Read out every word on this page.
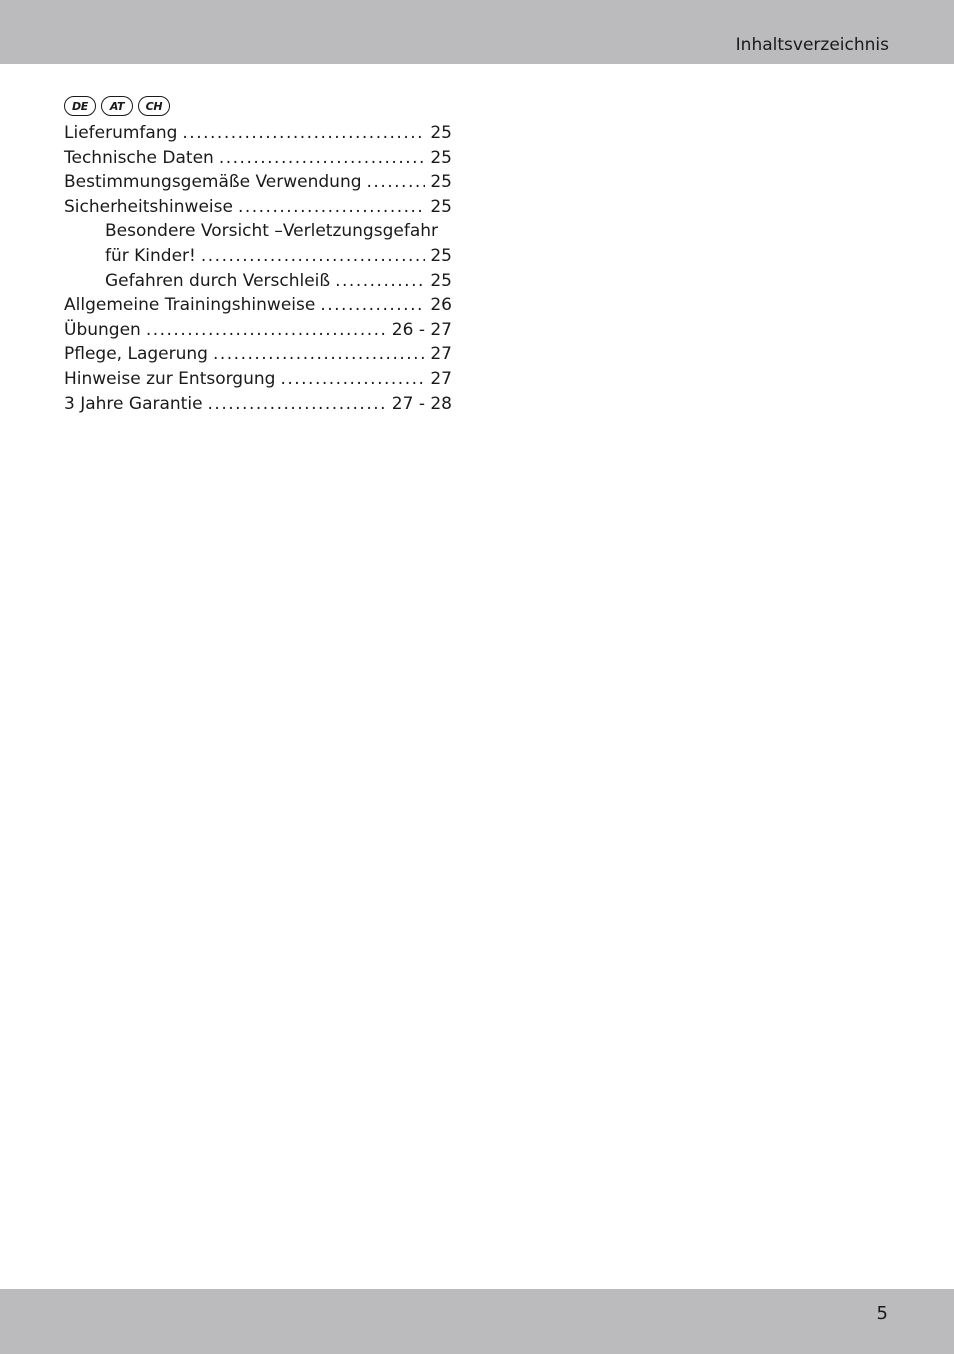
Inhaltsverzeichnis
DE	AT	CH
Lieferumfang .....	25
Technische Daten .....	25
Bestimmungsgemäße Verwendung .....	25
Sicherheitshinweise .....	25
Besondere Vorsicht –Verletzungsgefahr
für Kinder! .....	25
Gefahren durch Verschleiß .....	25
Allgemeine Trainingshinweise .....	26
Übungen .....	26 - 27
Pflege, Lagerung .....	27
Hinweise zur Entsorgung .....	27
3 Jahre Garantie .....	27 - 28
5
